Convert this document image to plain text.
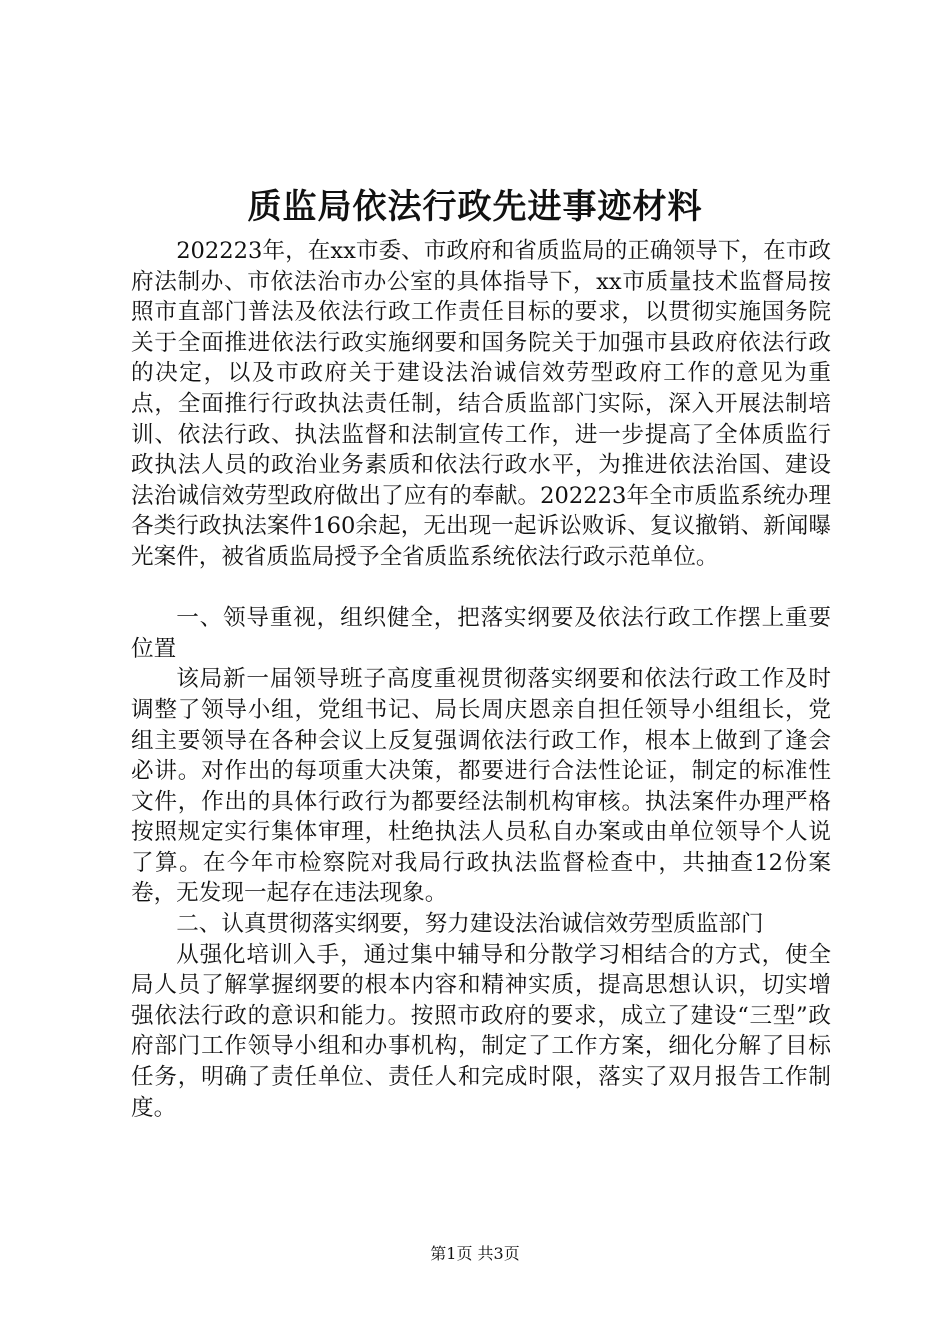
质监局依法行政先进事迹材料

202223年，在xx市委、市政府和省质监局的正确领导下，在市政府法制办、市依法治市办公室的具体指导下，xx市质量技术监督局按照市直部门普法及依法行政工作责任目标的要求，以贯彻实施国务院关于全面推进依法行政实施纲要和国务院关于加强市县政府依法行政的决定，以及市政府关于建设法治诚信效劳型政府工作的意见为重点，全面推行行政执法责任制，结合质监部门实际，深入开展法制培训、依法行政、执法监督和法制宣传工作，进一步提高了全体质监行政执法人员的政治业务素质和依法行政水平，为推进依法治国、建设法治诚信效劳型政府做出了应有的奉献。202223年全市质监系统办理各类行政执法案件160余起，无出现一起诉讼败诉、复议撤销、新闻曝光案件，被省质监局授予全省质监系统依法行政示范单位。

一、领导重视，组织健全，把落实纲要及依法行政工作摆上重要位置

该局新一届领导班子高度重视贯彻落实纲要和依法行政工作及时调整了领导小组，党组书记、局长周庆恩亲自担任领导小组组长，党组主要领导在各种会议上反复强调依法行政工作，根本上做到了逢会必讲。对作出的每项重大决策，都要进行合法性论证，制定的标准性文件，作出的具体行政行为都要经法制机构审核。执法案件办理严格按照规定实行集体审理，杜绝执法人员私自办案或由单位领导个人说了算。在今年市检察院对我局行政执法监督检查中，共抽查12份案卷，无发现一起存在违法现象。

二、认真贯彻落实纲要，努力建设法治诚信效劳型质监部门

从强化培训入手，通过集中辅导和分散学习相结合的方式，使全局人员了解掌握纲要的根本内容和精神实质，提高思想认识，切实增强依法行政的意识和能力。按照市政府的要求，成立了建设“三型”政府部门工作领导小组和办事机构，制定了工作方案，细化分解了目标任务，明确了责任单位、责任人和完成时限，落实了双月报告工作制度。

第1页 共3页
